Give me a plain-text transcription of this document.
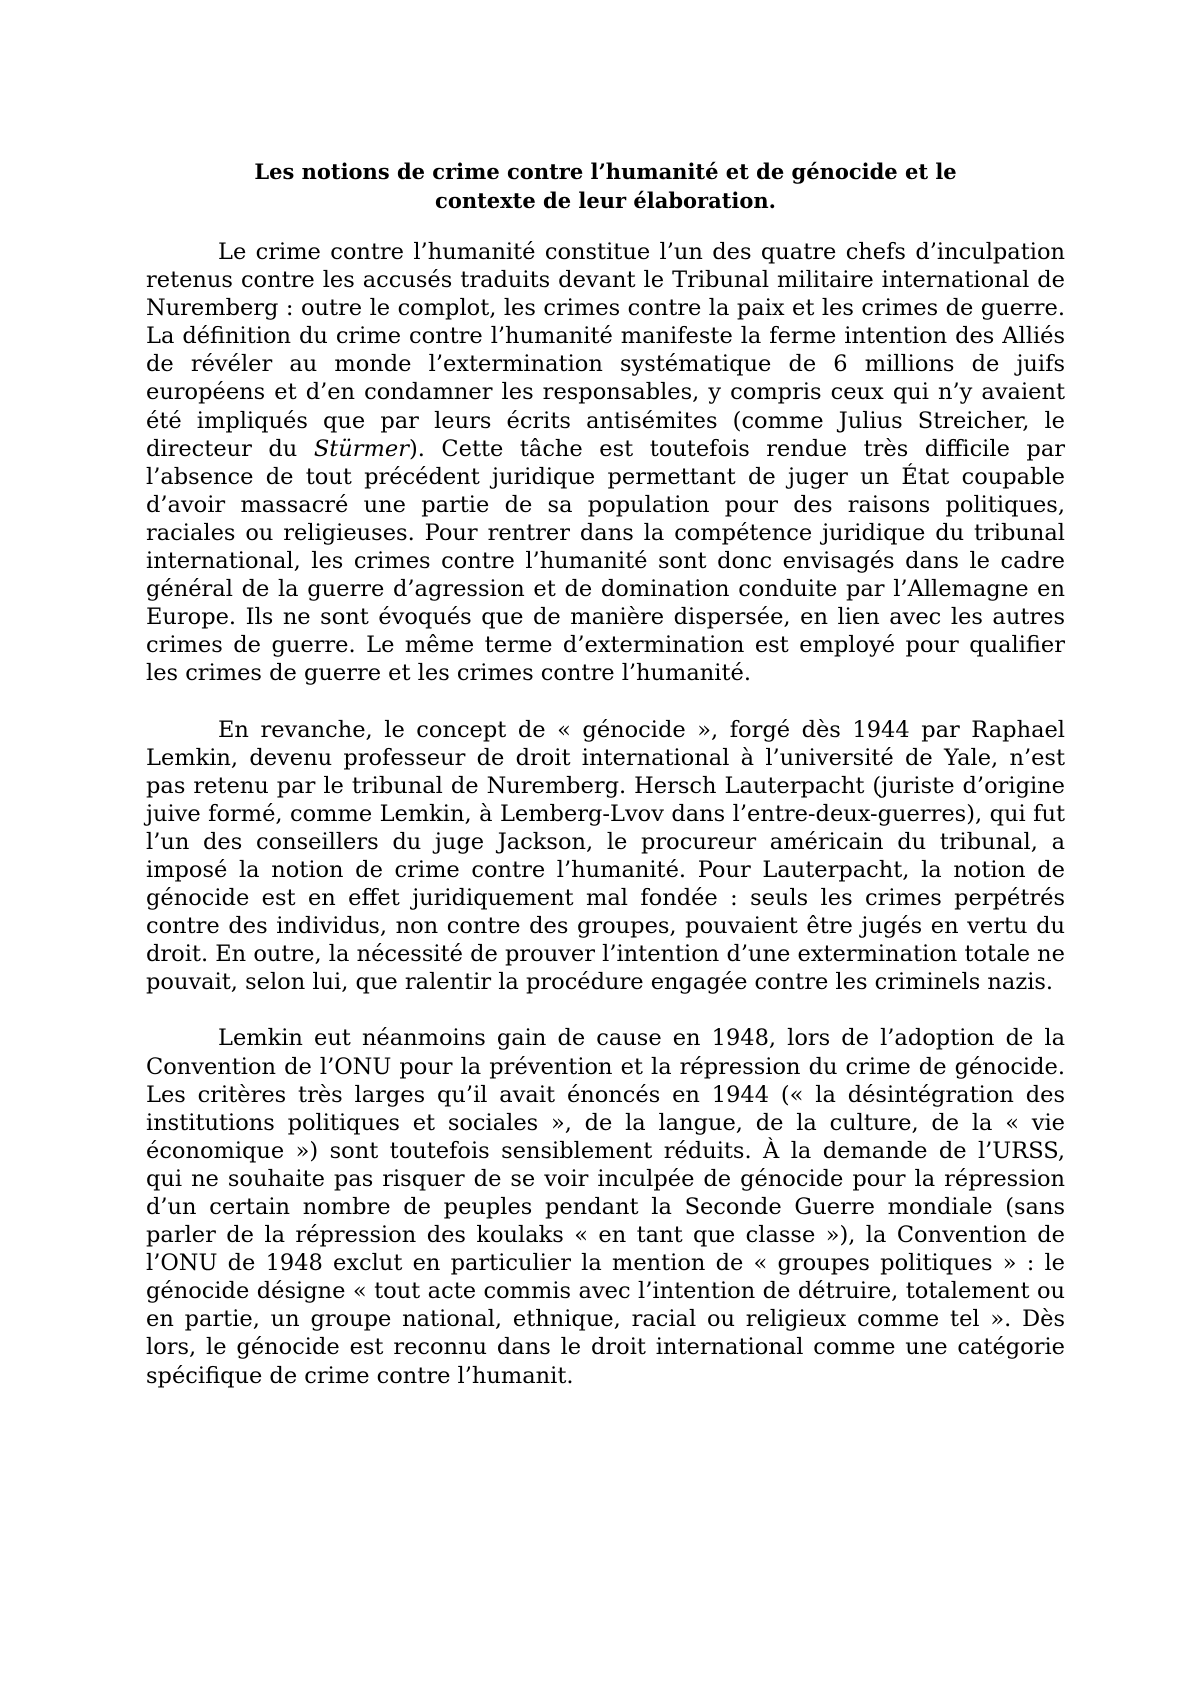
Les notions de crime contre l’humanité et de génocide et le
contexte de leur élaboration.

Le crime contre l’humanité constitue l’un des quatre chefs d’inculpation retenus contre les accusés traduits devant le Tribunal militaire international de Nuremberg : outre le complot, les crimes contre la paix et les crimes de guerre. La définition du crime contre l’humanité manifeste la ferme intention des Alliés de révéler au monde l’extermination systématique de 6 millions de juifs européens et d’en condamner les responsables, y compris ceux qui n’y avaient été impliqués que par leurs écrits antisémites (comme Julius Streicher, le directeur du Stürmer). Cette tâche est toutefois rendue très difficile par l’absence de tout précédent juridique permettant de juger un État coupable d’avoir massacré une partie de sa population pour des raisons politiques, raciales ou religieuses. Pour rentrer dans la compétence juridique du tribunal international, les crimes contre l’humanité sont donc envisagés dans le cadre général de la guerre d’agression et de domination conduite par l’Allemagne en Europe. Ils ne sont évoqués que de manière dispersée, en lien avec les autres crimes de guerre. Le même terme d’extermination est employé pour qualifier les crimes de guerre et les crimes contre l’humanité.

En revanche, le concept de « génocide », forgé dès 1944 par Raphael Lemkin, devenu professeur de droit international à l’université de Yale, n’est pas retenu par le tribunal de Nuremberg. Hersch Lauterpacht (juriste d’origine juive formé, comme Lemkin, à Lemberg-Lvov dans l’entre-deux-guerres), qui fut l’un des conseillers du juge Jackson, le procureur américain du tribunal, a imposé la notion de crime contre l’humanité. Pour Lauterpacht, la notion de génocide est en effet juridiquement mal fondée : seuls les crimes perpétrés contre des individus, non contre des groupes, pouvaient être jugés en vertu du droit. En outre, la nécessité de prouver l’intention d’une extermination totale ne pouvait, selon lui, que ralentir la procédure engagée contre les criminels nazis.

Lemkin eut néanmoins gain de cause en 1948, lors de l’adoption de la Convention de l’ONU pour la prévention et la répression du crime de génocide. Les critères très larges qu’il avait énoncés en 1944 (« la désintégration des institutions politiques et sociales », de la langue, de la culture, de la « vie économique ») sont toutefois sensiblement réduits. À la demande de l’URSS, qui ne souhaite pas risquer de se voir inculpée de génocide pour la répression d’un certain nombre de peuples pendant la Seconde Guerre mondiale (sans parler de la répression des koulaks « en tant que classe »), la Convention de l’ONU de 1948 exclut en particulier la mention de « groupes politiques » : le génocide désigne « tout acte commis avec l’intention de détruire, totalement ou en partie, un groupe national, ethnique, racial ou religieux comme tel ». Dès lors, le génocide est reconnu dans le droit international comme une catégorie spécifique de crime contre l’humanit.
